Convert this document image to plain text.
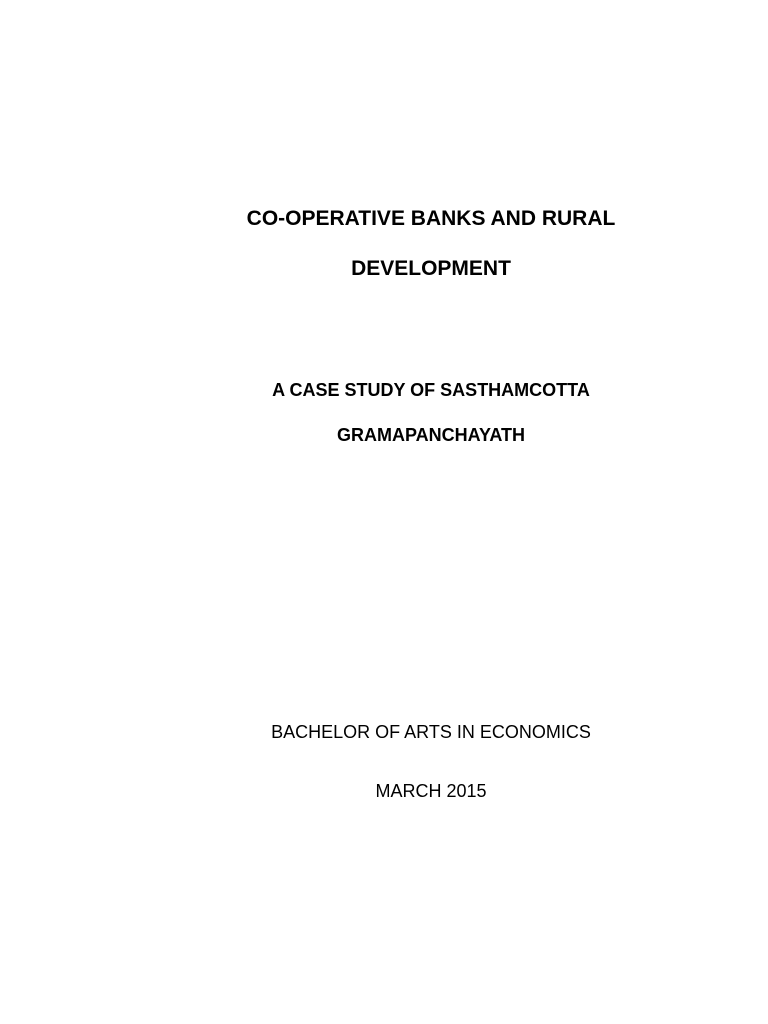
CO-OPERATIVE BANKS AND RURAL
DEVELOPMENT
A CASE STUDY OF SASTHAMCOTTA
GRAMAPANCHAYATH
BACHELOR OF ARTS IN ECONOMICS
MARCH 2015
